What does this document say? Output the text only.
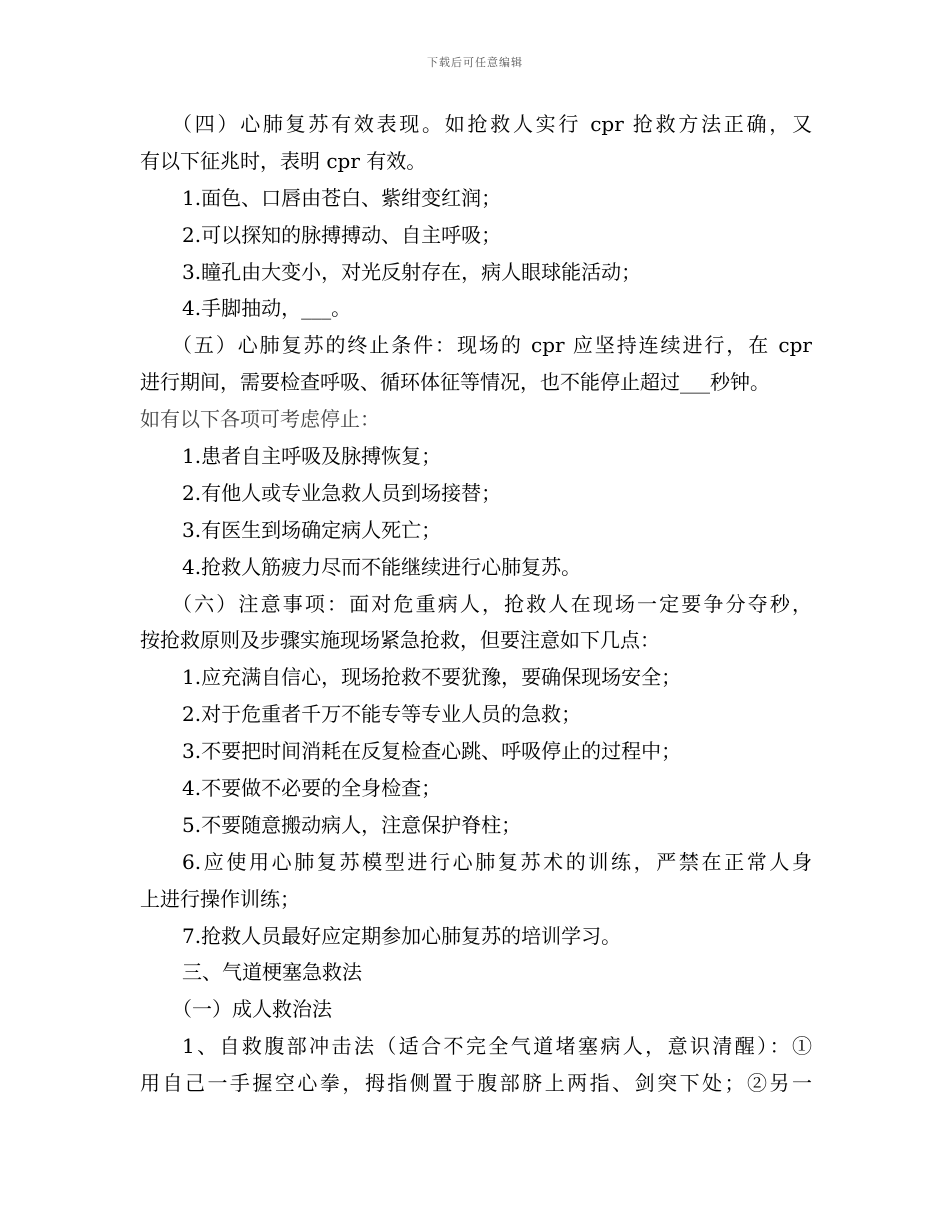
下载后可任意编辑
（四）心肺复苏有效表现。如抢救人实行 cpr 抢救方法正确，又
有以下征兆时，表明 cpr 有效。
1.面色、口唇由苍白、紫绀变红润；
2.可以探知的脉搏搏动、自主呼吸；
3.瞳孔由大变小，对光反射存在，病人眼球能活动；
4.手脚抽动，___。
（五）心肺复苏的终止条件：现场的 cpr 应坚持连续进行，在 cpr
进行期间，需要检查呼吸、循环体征等情况，也不能停止超过___秒钟。
如有以下各项可考虑停止：
1.患者自主呼吸及脉搏恢复；
2.有他人或专业急救人员到场接替；
3.有医生到场确定病人死亡；
4.抢救人筋疲力尽而不能继续进行心肺复苏。
（六）注意事项：面对危重病人，抢救人在现场一定要争分夺秒，
按抢救原则及步骤实施现场紧急抢救，但要注意如下几点：
1.应充满自信心，现场抢救不要犹豫，要确保现场安全；
2.对于危重者千万不能专等专业人员的急救；
3.不要把时间消耗在反复检查心跳、呼吸停止的过程中；
4.不要做不必要的全身检查；
5.不要随意搬动病人，注意保护脊柱；
6.应使用心肺复苏模型进行心肺复苏术的训练，严禁在正常人身
上进行操作训练；
7.抢救人员最好应定期参加心肺复苏的培训学习。
三、气道梗塞急救法
（一）成人救治法
1、自救腹部冲击法（适合不完全气道堵塞病人，意识清醒）：①
用自己一手握空心拳，拇指侧置于腹部脐上两指、剑突下处；②另一
